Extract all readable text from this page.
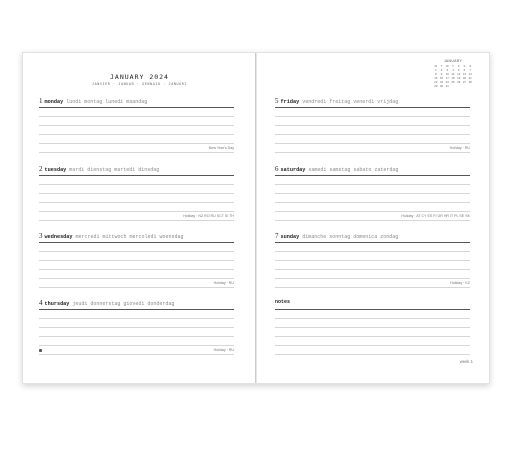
JANUARY 2024
JANVIER · JANUAR · GENNAIO · JANUARI
1 monday lundi montag lunedì maandag
New Year's Day
2 tuesday mardi dienstag martedì dinsdag
Holiday · NZ RO RU SCT SI TH
3 wednesday mercredi mittwoch mercoledì woensdag
Holiday · RU
4 thursday jeudi donnerstag giovedì donderdag
Holiday · RU
JANUARY
M	T	W	T	F	S	S
1	2	3	4	5	6	7
8	9	10 11 12 13 14
15 16 17 18 19 20 21
22 23 24 25 26 27 28
29 30 31
5 friday vendredi freitag venerdì vrijdag
Holiday · RU
6 saturday samedi samstag sabato zaterdag
Holiday · AT CY ES FI GR HR IT PL SE SK
7 sunday dimanche sonntag domenica zondag
Holiday · KZ
notes
week 1
